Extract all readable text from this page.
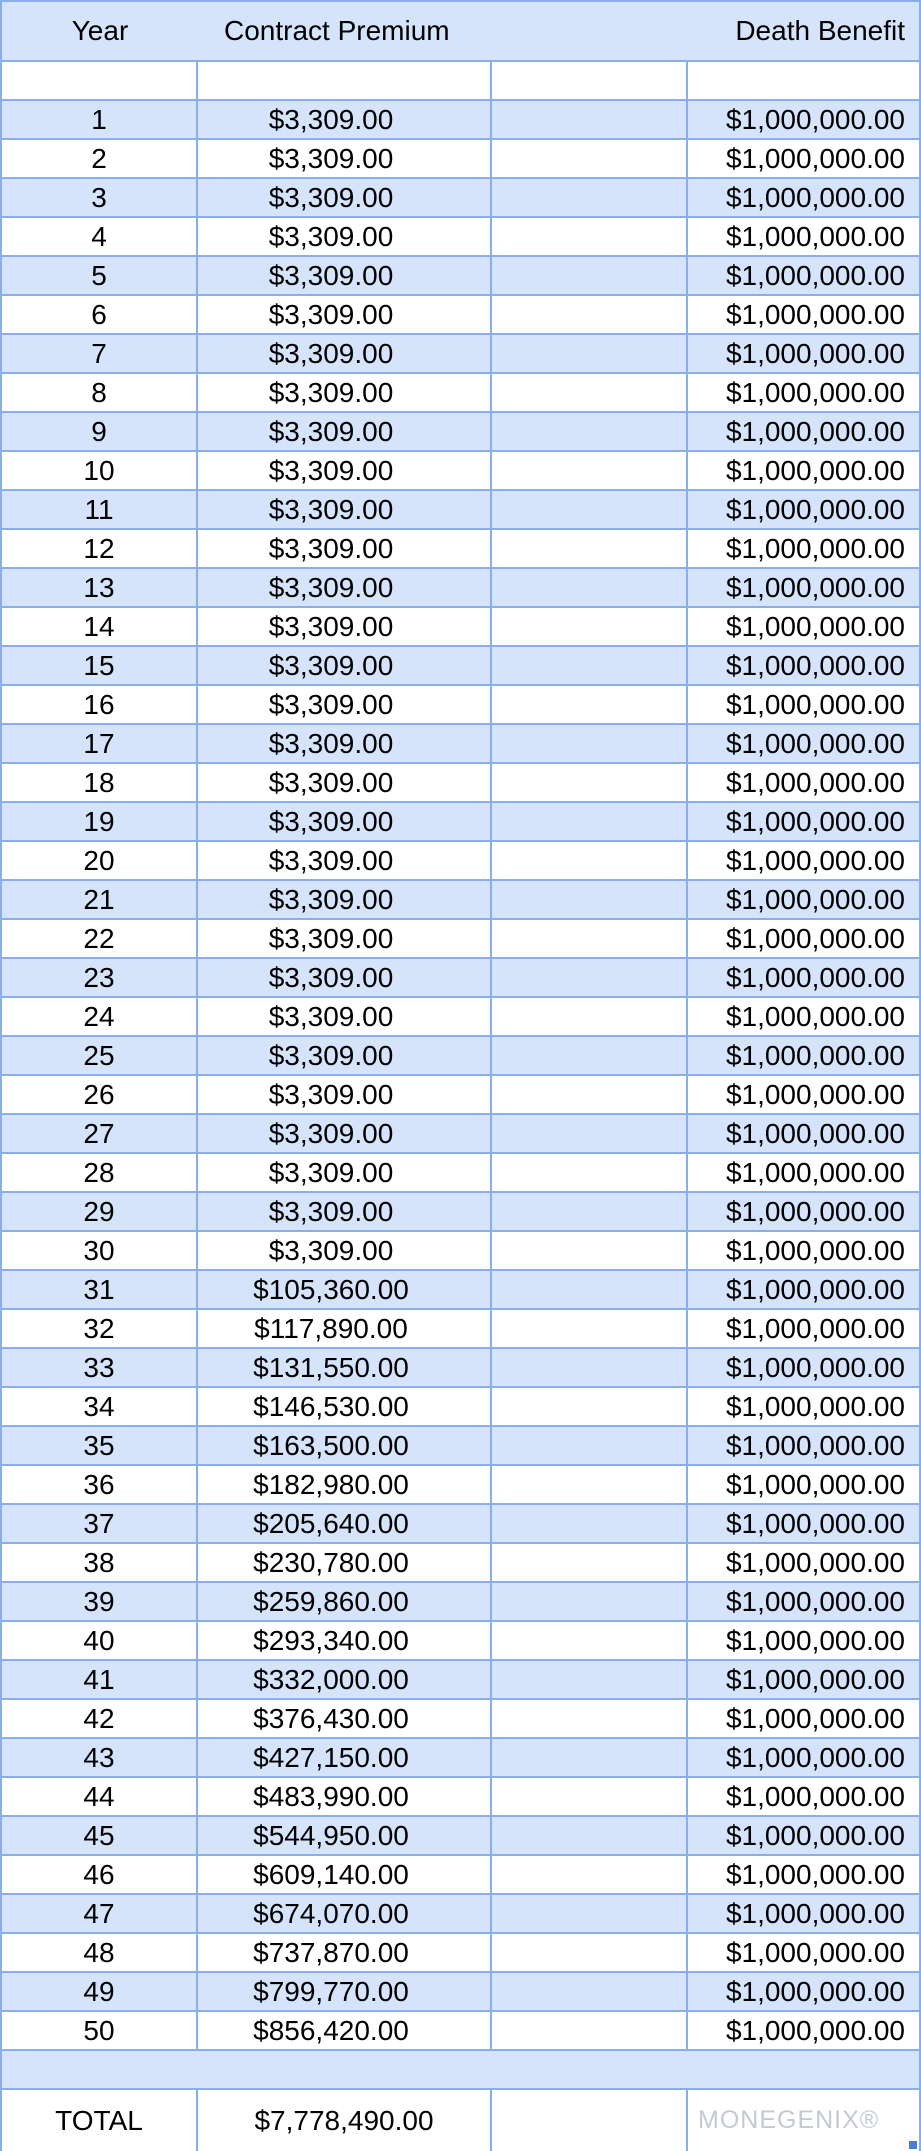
Year	Contract Premium	Death Benefit
1	$3,309.00	$1,000,000.00
2	$3,309.00	$1,000,000.00
3	$3,309.00	$1,000,000.00
4	$3,309.00	$1,000,000.00
5	$3,309.00	$1,000,000.00
6	$3,309.00	$1,000,000.00
7	$3,309.00	$1,000,000.00
8	$3,309.00	$1,000,000.00
9	$3,309.00	$1,000,000.00
10	$3,309.00	$1,000,000.00
11	$3,309.00	$1,000,000.00
12	$3,309.00	$1,000,000.00
13	$3,309.00	$1,000,000.00
14	$3,309.00	$1,000,000.00
15	$3,309.00	$1,000,000.00
16	$3,309.00	$1,000,000.00
17	$3,309.00	$1,000,000.00
18	$3,309.00	$1,000,000.00
19	$3,309.00	$1,000,000.00
20	$3,309.00	$1,000,000.00
21	$3,309.00	$1,000,000.00
22	$3,309.00	$1,000,000.00
23	$3,309.00	$1,000,000.00
24	$3,309.00	$1,000,000.00
25	$3,309.00	$1,000,000.00
26	$3,309.00	$1,000,000.00
27	$3,309.00	$1,000,000.00
28	$3,309.00	$1,000,000.00
29	$3,309.00	$1,000,000.00
30	$3,309.00	$1,000,000.00
31	$105,360.00	$1,000,000.00
32	$117,890.00	$1,000,000.00
33	$131,550.00	$1,000,000.00
34	$146,530.00	$1,000,000.00
35	$163,500.00	$1,000,000.00
36	$182,980.00	$1,000,000.00
37	$205,640.00	$1,000,000.00
38	$230,780.00	$1,000,000.00
39	$259,860.00	$1,000,000.00
40	$293,340.00	$1,000,000.00
41	$332,000.00	$1,000,000.00
42	$376,430.00	$1,000,000.00
43	$427,150.00	$1,000,000.00
44	$483,990.00	$1,000,000.00
45	$544,950.00	$1,000,000.00
46	$609,140.00	$1,000,000.00
47	$674,070.00	$1,000,000.00
48	$737,870.00	$1,000,000.00
49	$799,770.00	$1,000,000.00
50	$856,420.00	$1,000,000.00
TOTAL	$7,778,490.00	MONEGENIX®
